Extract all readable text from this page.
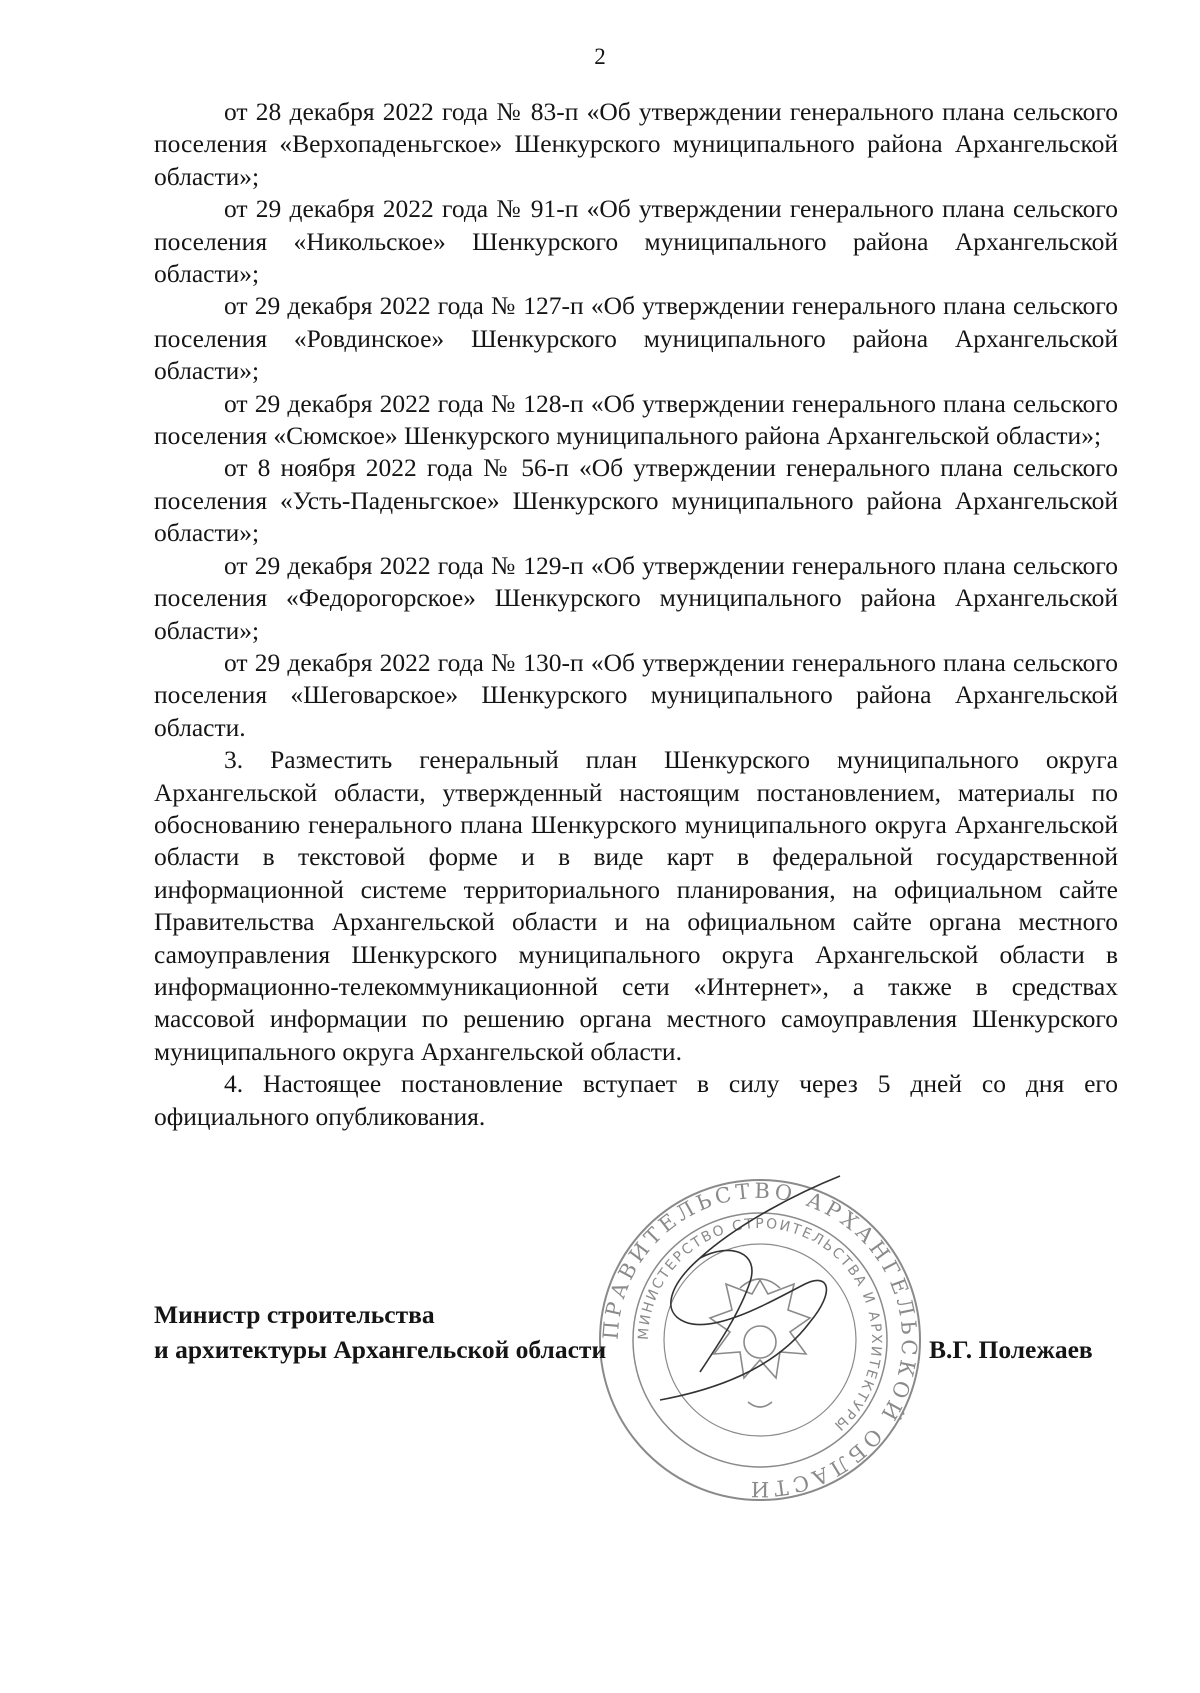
2

от 28 декабря 2022 года № 83-п «Об утверждении генерального плана сельского поселения «Верхопаденьгское» Шенкурского муниципального района Архангельской области»;

от 29 декабря 2022 года № 91-п «Об утверждении генерального плана сельского поселения «Никольское» Шенкурского муниципального района Архангельской области»;

от 29 декабря 2022 года № 127-п «Об утверждении генерального плана сельского поселения «Ровдинское» Шенкурского муниципального района Архангельской области»;

от 29 декабря 2022 года № 128-п «Об утверждении генерального плана сельского поселения «Сюмское» Шенкурского муниципального района Архангельской области»;

от 8 ноября 2022 года № 56-п «Об утверждении генерального плана сельского поселения «Усть-Паденьгское» Шенкурского муниципального района Архангельской области»;

от 29 декабря 2022 года № 129-п «Об утверждении генерального плана сельского поселения «Федорогорское» Шенкурского муниципального района Архангельской области»;

от 29 декабря 2022 года № 130-п «Об утверждении генерального плана сельского поселения «Шеговарское» Шенкурского муниципального района Архангельской области.

3. Разместить генеральный план Шенкурского муниципального округа Архангельской области, утвержденный настоящим постановлением, материалы по обоснованию генерального плана Шенкурского муниципального округа Архангельской области в текстовой форме и в виде карт в федеральной государственной информационной системе территориального планирования, на официальном сайте Правительства Архангельской области и на официальном сайте органа местного самоуправления Шенкурского муниципального округа Архангельской области в информационно-телекоммуникационной сети «Интернет», а также в средствах массовой информации по решению органа местного самоуправления Шенкурского муниципального округа Архангельской области.

4. Настоящее постановление вступает в силу через 5 дней со дня его официального опубликования.

ПРАВИТЕЛЬСТВО АРХАНГЕЛЬСКОЙ ОБЛАСТИ
МИНИСТЕРСТВО СТРОИТЕЛЬСТВА И АРХИТЕКТУРЫ
Министр строительства
и архитектуры Архангельской области	В.Г. Полежаев
